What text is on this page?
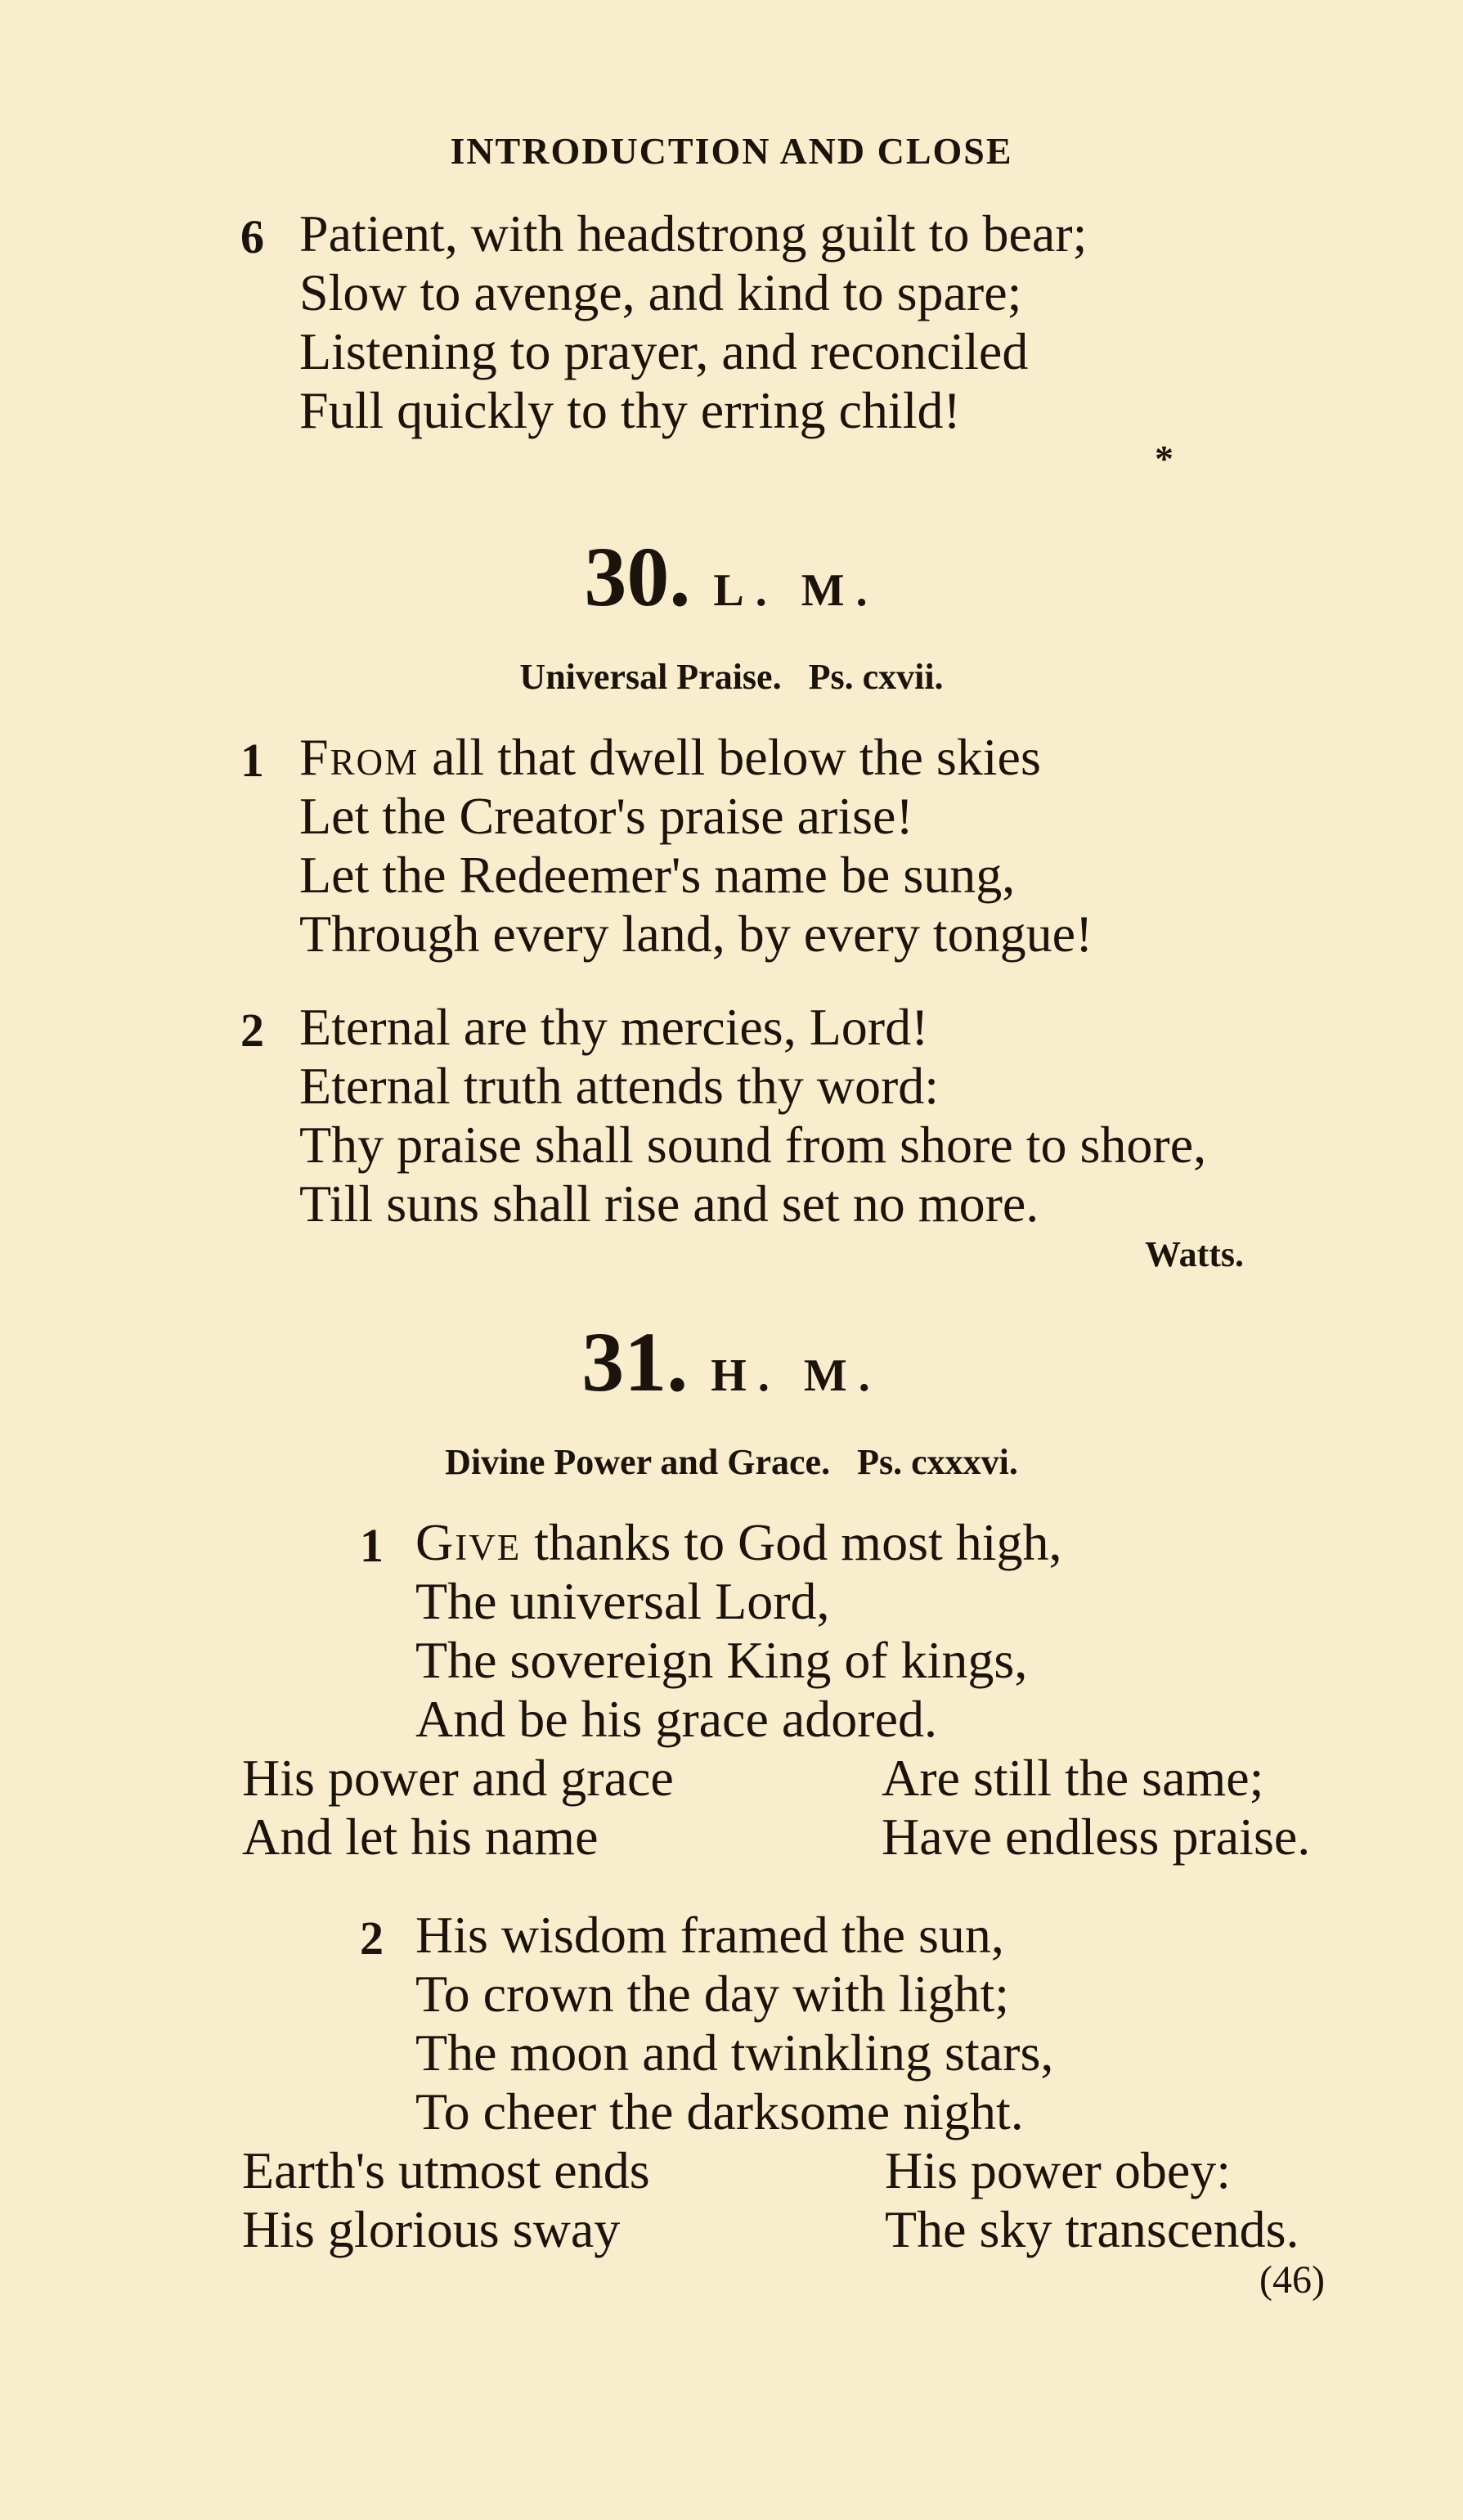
INTRODUCTION AND CLOSE
6 Patient, with headstrong guilt to bear;
Slow to avenge, and kind to spare;
Listening to prayer, and reconciled
Full quickly to thy erring child!
*
30. L. M.
Universal Praise.   Ps. cxvii.
1 From all that dwell below the skies
Let the Creator's praise arise!
Let the Redeemer's name be sung,
Through every land, by every tongue!
2 Eternal are thy mercies, Lord!
Eternal truth attends thy word:
Thy praise shall sound from shore to shore,
Till suns shall rise and set no more.
Watts.
31. H. M.
Divine Power and Grace.   Ps. cxxxvi.
1 Give thanks to God most high,
The universal Lord,
The sovereign King of kings,
And be his grace adored.
His power and grace
And let his name
Are still the same;
Have endless praise.
2 His wisdom framed the sun,
To crown the day with light;
The moon and twinkling stars,
To cheer the darksome night.
Earth's utmost ends
His glorious sway
His power obey:
The sky transcends.
(46)
